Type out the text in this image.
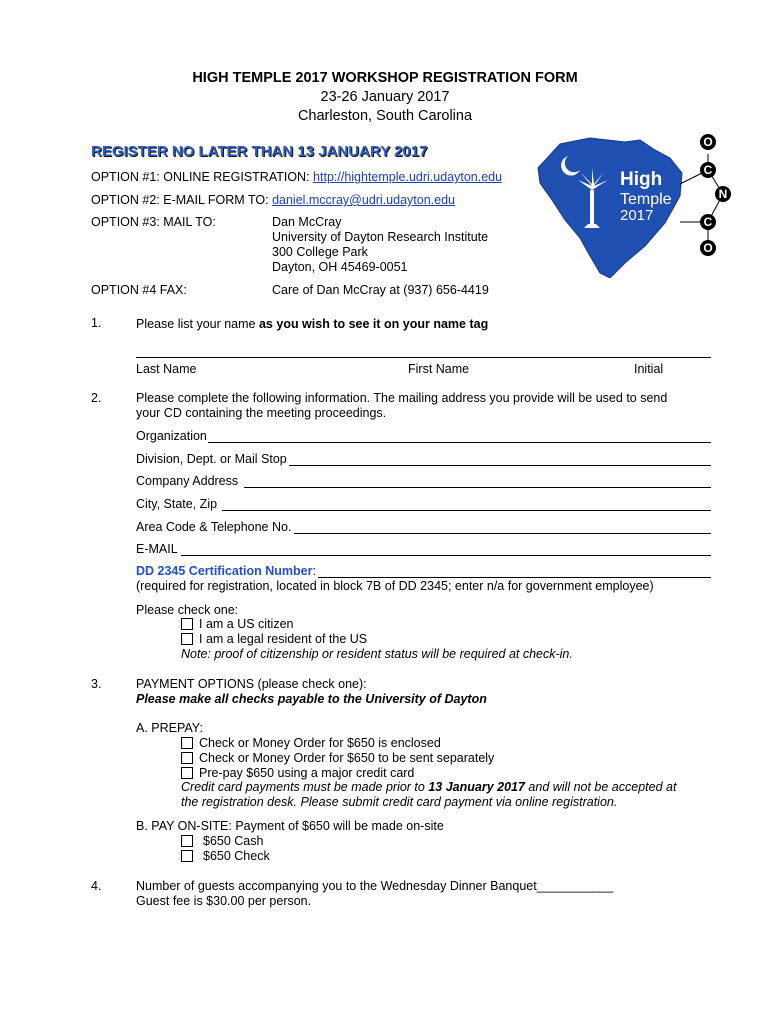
HIGH TEMPLE 2017 WORKSHOP REGISTRATION FORM
23-26 January 2017
Charleston, South Carolina
REGISTER NO LATER THAN 13 JANUARY 2017
High
Temple
2017
O
C
N
C
O
OPTION #1: ONLINE REGISTRATION: http://hightemple.udri.udayton.edu
OPTION #2: E-MAIL FORM TO: daniel.mccray@udri.udayton.edu
OPTION #3: MAIL TO:	Dan McCray
University of Dayton Research Institute
300 College Park
Dayton, OH 45469-0051
OPTION #4 FAX:	Care of Dan McCray at (937) 656-4419
1.	Please list your name as you wish to see it on your name tag
Last Name	First Name	Initial
2.	Please complete the following information. The mailing address you provide will be used to send
your CD containing the meeting proceedings.
Organization
Division, Dept. or Mail Stop
Company Address
City, State, Zip
Area Code & Telephone No.
E-MAIL
DD 2345 Certification Number:
(required for registration, located in block 7B of DD 2345; enter n/a for government employee)
Please check one:
I am a US citizen
I am a legal resident of the US
Note: proof of citizenship or resident status will be required at check-in.
3.	PAYMENT OPTIONS (please check one):
Please make all checks payable to the University of Dayton
A. PREPAY:
Check or Money Order for $650 is enclosed
Check or Money Order for $650 to be sent separately
Pre-pay $650 using a major credit card
Credit card payments must be made prior to 13 January 2017 and will not be accepted at
the registration desk. Please submit credit card payment via online registration.
B. PAY ON-SITE: Payment of $650 will be made on-site
$650 Cash
$650 Check
4.	Number of guests accompanying you to the Wednesday Dinner Banquet___________
Guest fee is $30.00 per person.
